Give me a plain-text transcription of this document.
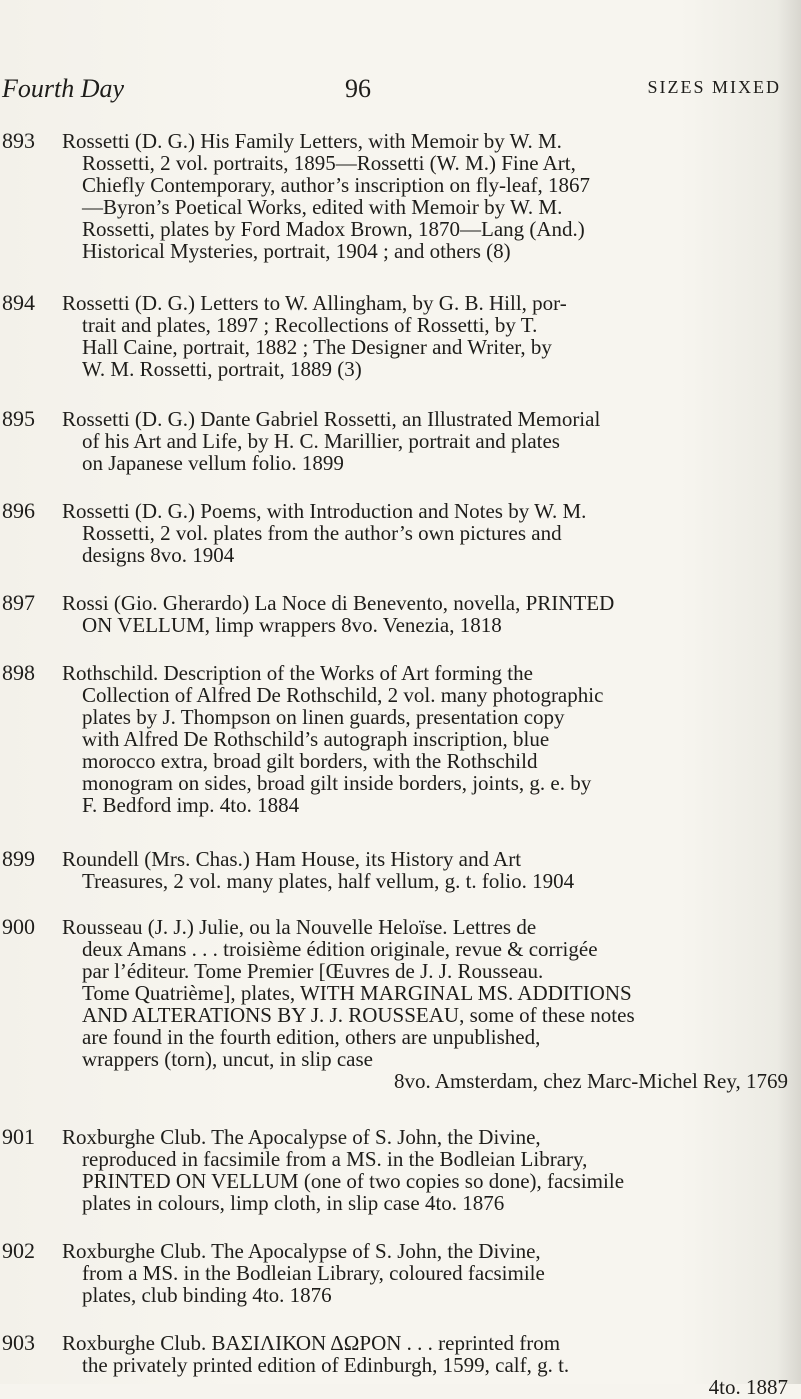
Fourth Day	96	SIZES MIXED
893	Rossetti (D. G.) His Family Letters, with Memoir by W. M.

Rossetti, 2 vol. portraits, 1895—Rossetti (W. M.) Fine Art,

Chiefly Contemporary, author’s inscription on fly-leaf, 1867

—Byron’s Poetical Works, edited with Memoir by W. M.

Rossetti, plates by Ford Madox Brown, 1870—Lang (And.)

Historical Mysteries, portrait, 1904 ; and others (8)

894	Rossetti (D. G.) Letters to W. Allingham, by G. B. Hill, por-

trait and plates, 1897 ; Recollections of Rossetti, by T.

Hall Caine, portrait, 1882 ; The Designer and Writer, by

W. M. Rossetti, portrait, 1889 (3)

895	Rossetti (D. G.) Dante Gabriel Rossetti, an Illustrated Memorial

of his Art and Life, by H. C. Marillier, portrait and plates

on Japanese vellum folio. 1899

896	Rossetti (D. G.) Poems, with Introduction and Notes by W. M.

Rossetti, 2 vol. plates from the author’s own pictures and

designs 8vo. 1904

897	Rossi (Gio. Gherardo) La Noce di Benevento, novella, PRINTED

ON VELLUM, limp wrappers 8vo. Venezia, 1818

898	Rothschild. Description of the Works of Art forming the

Collection of Alfred De Rothschild, 2 vol. many photographic

plates by J. Thompson on linen guards, presentation copy

with Alfred De Rothschild’s autograph inscription, blue

morocco extra, broad gilt borders, with the Rothschild

monogram on sides, broad gilt inside borders, joints, g. e. by

F. Bedford imp. 4to. 1884

899	Roundell (Mrs. Chas.) Ham House, its History and Art

Treasures, 2 vol. many plates, half vellum, g. t. folio. 1904

900	Rousseau (J. J.) Julie, ou la Nouvelle Heloïse. Lettres de

deux Amans . . . troisième édition originale, revue & corrigée

par l’éditeur. Tome Premier [Œuvres de J. J. Rousseau.

Tome Quatrième], plates, WITH MARGINAL MS. ADDITIONS

AND ALTERATIONS BY J. J. ROUSSEAU, some of these notes

are found in the fourth edition, others are unpublished,

wrappers (torn), uncut, in slip case

8vo. Amsterdam, chez Marc-Michel Rey, 1769

901	Roxburghe Club. The Apocalypse of S. John, the Divine,

reproduced in facsimile from a MS. in the Bodleian Library,

PRINTED ON VELLUM (one of two copies so done), facsimile

plates in colours, limp cloth, in slip case 4to. 1876

902	Roxburghe Club. The Apocalypse of S. John, the Divine,

from a MS. in the Bodleian Library, coloured facsimile

plates, club binding 4to. 1876

903	Roxburghe Club. ΒΑΣΙΛΙΚΟΝ ΔΩΡΟΝ . . . reprinted from

the privately printed edition of Edinburgh, 1599, calf, g. t.

4to. 1887
